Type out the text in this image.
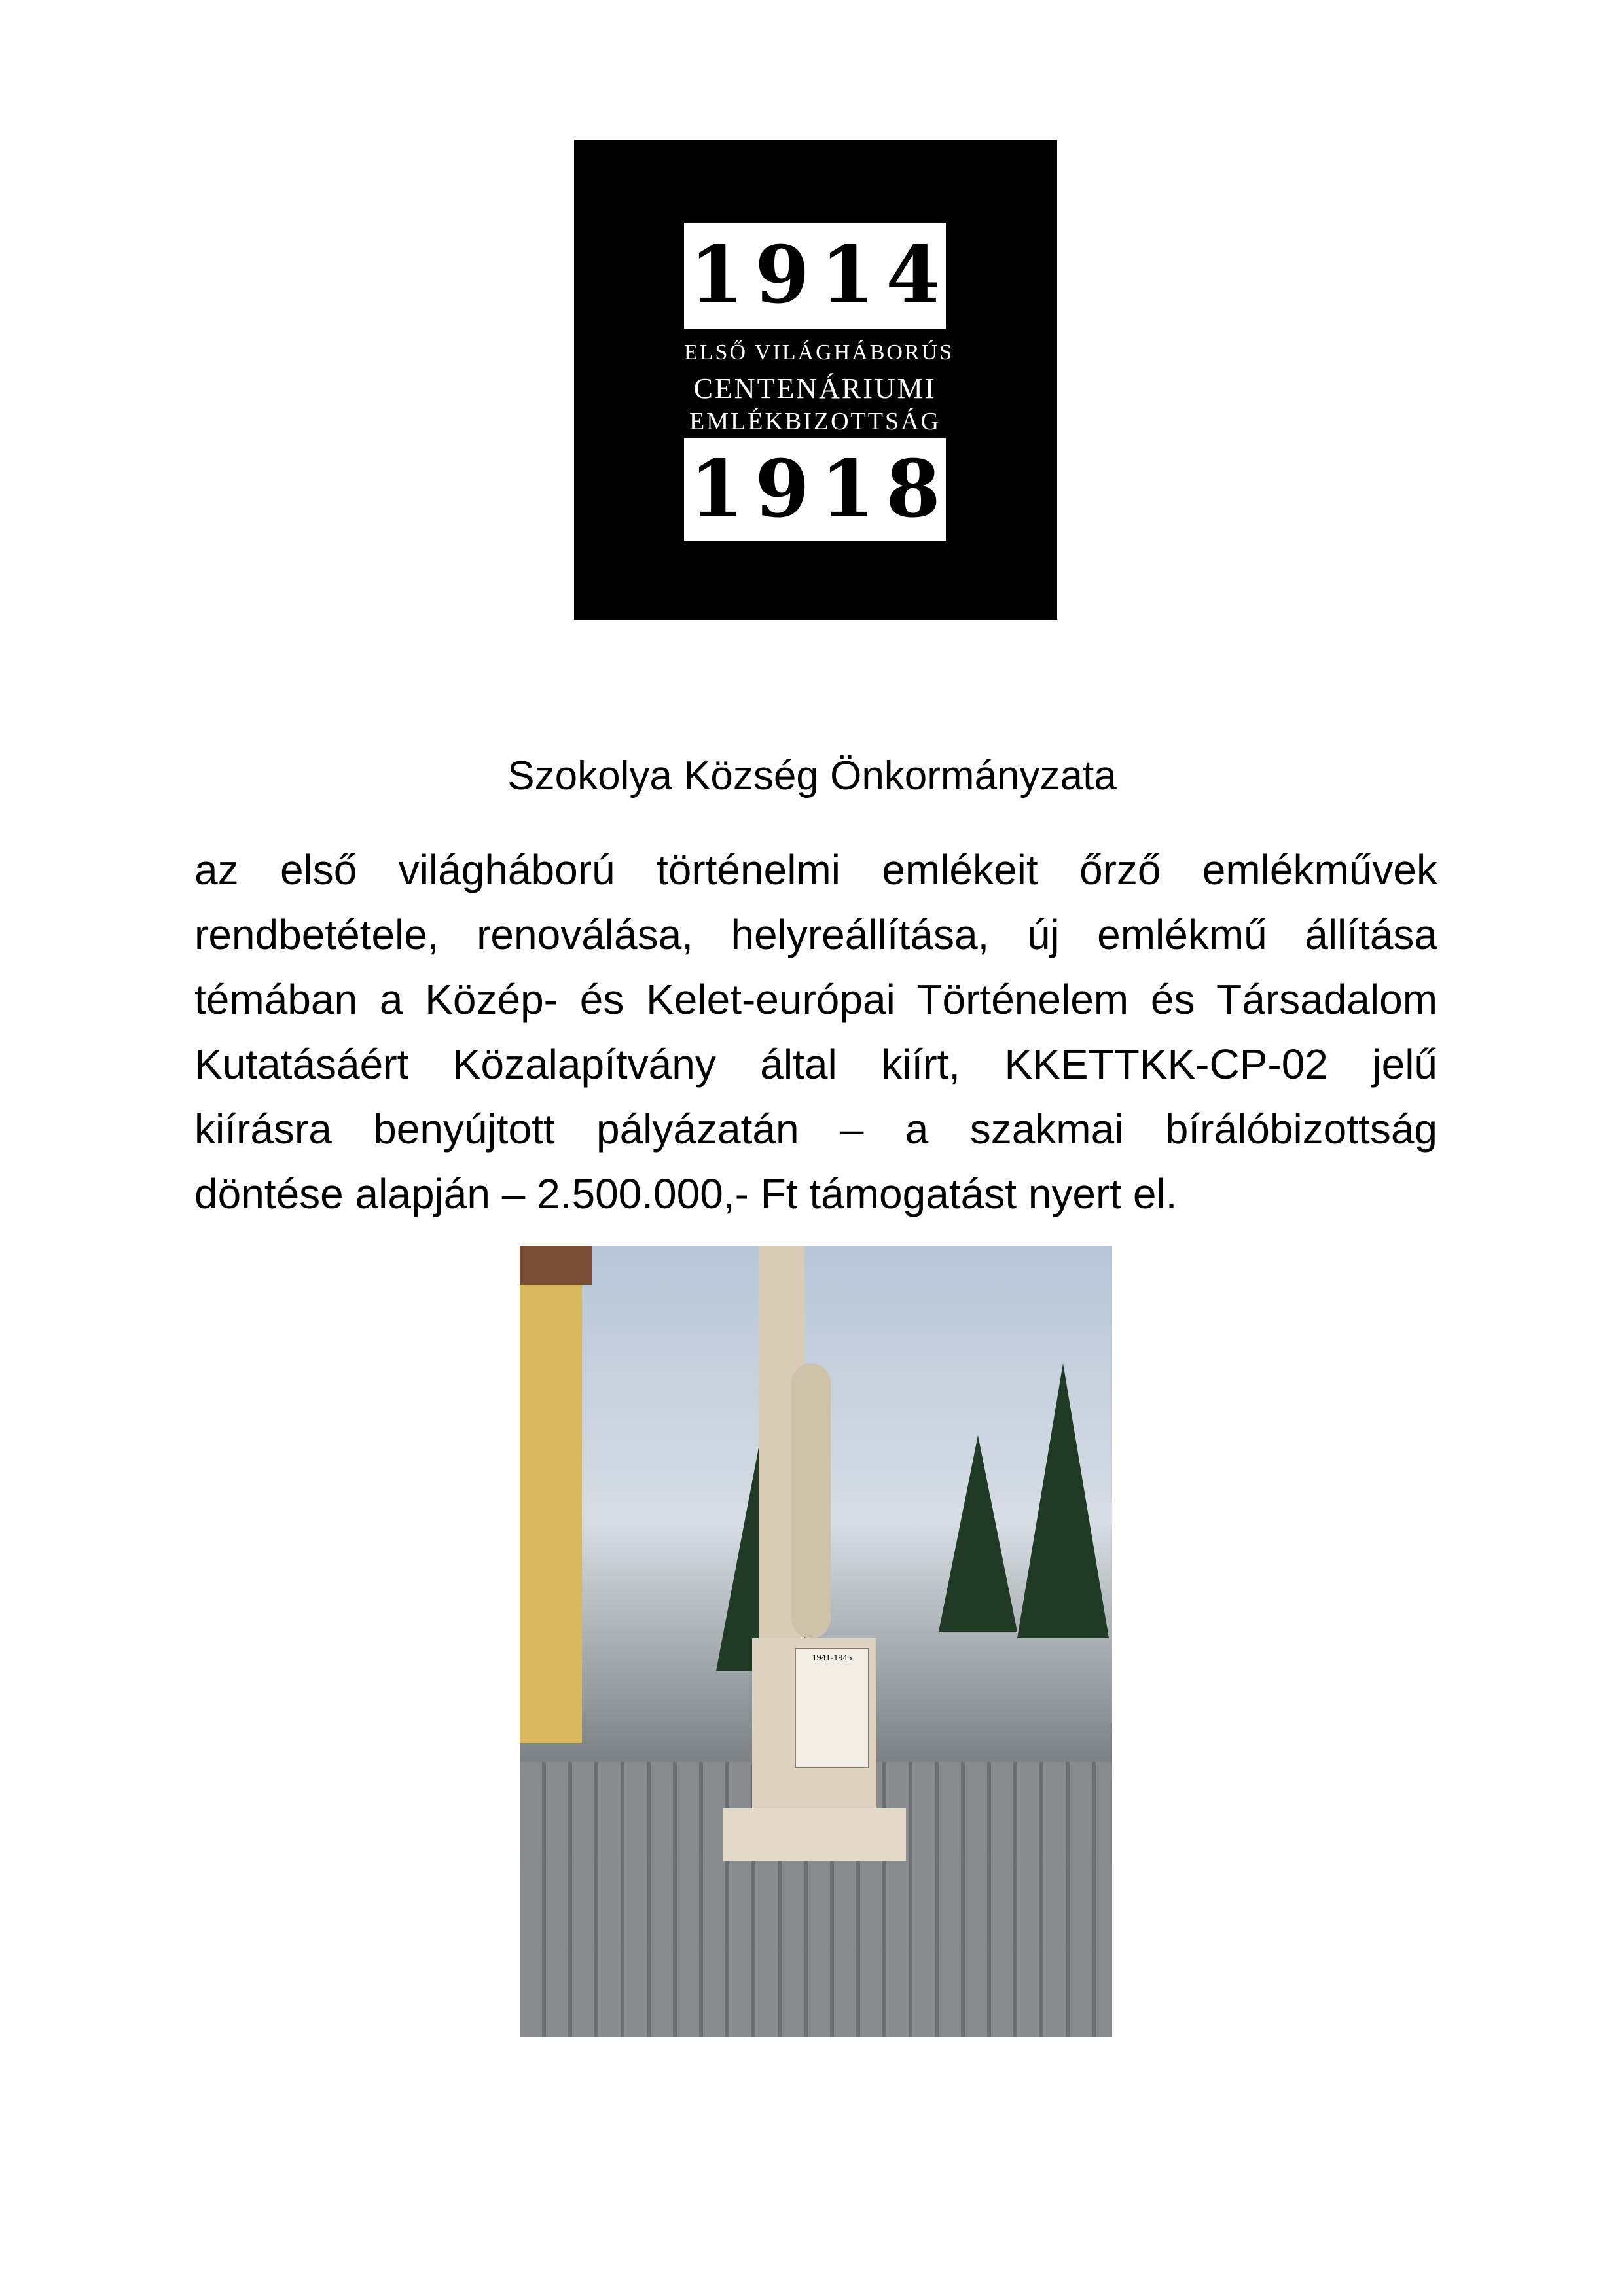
1 9 1 4
ELSŐ VILÁGHÁBORÚS
CENTENÁRIUMI
EMLÉKBIZOTTSÁG
1 9 1 8
Szokolya Község Önkormányzata
az első világháború történelmi emlékeit őrző emlékművek
rendbetétele, renoválása, helyreállítása, új emlékmű állítása
témában a Közép- és Kelet-európai Történelem és Társadalom
Kutatásáért Közalapítvány által kiírt, KKETTKK-CP-02 jelű
kiírásra benyújtott pályázatán – a szakmai bírálóbizottság
döntése alapján – 2.500.000,- Ft támogatást nyert el.
1941-1945
